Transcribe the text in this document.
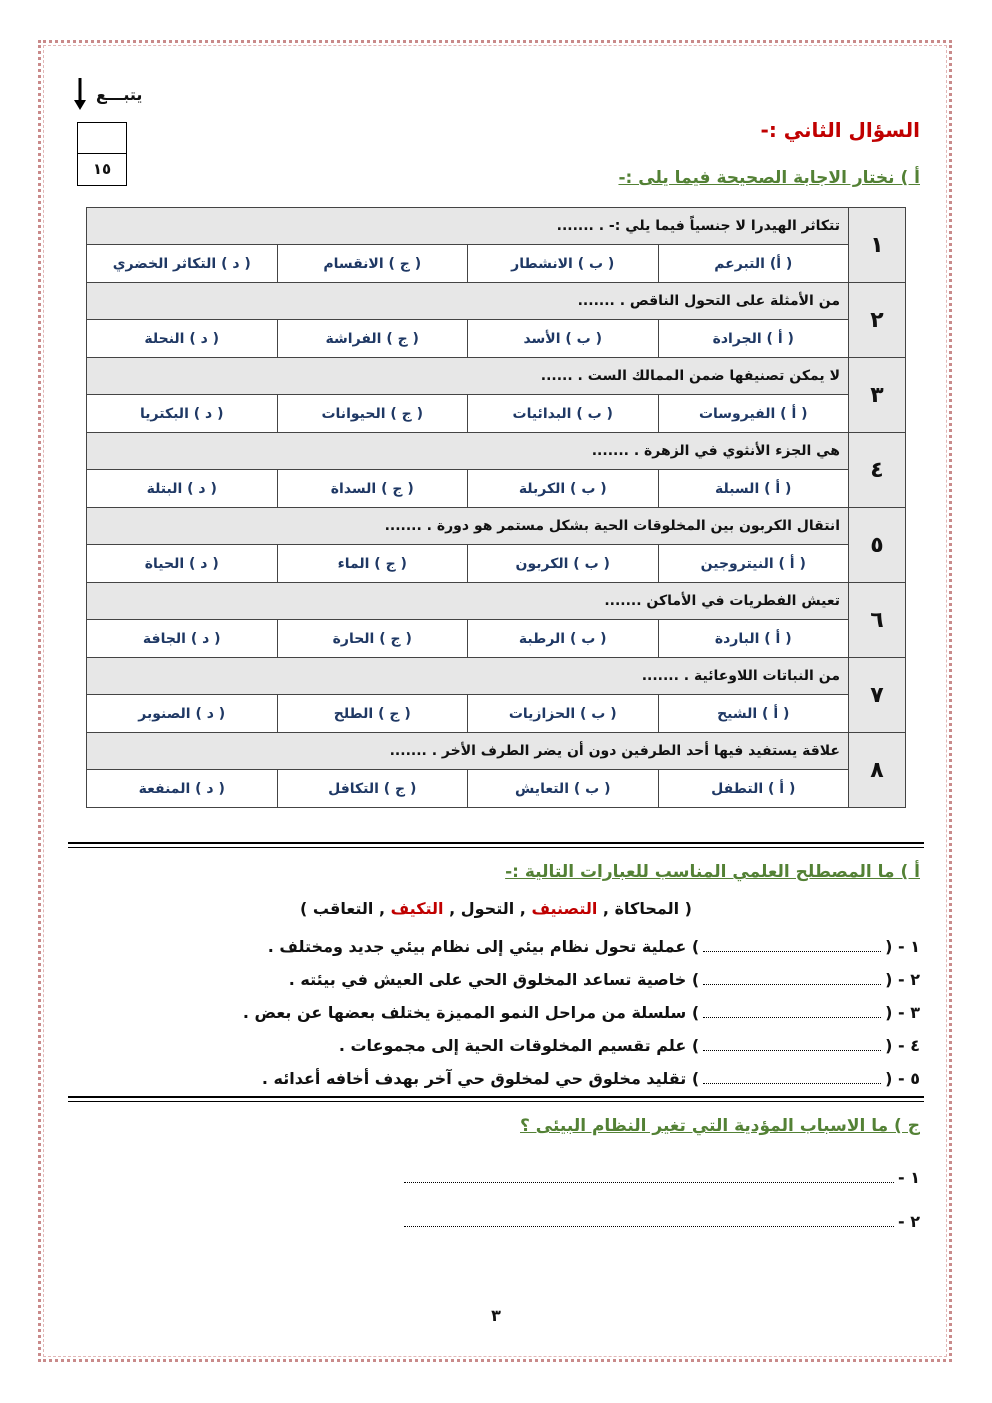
يتبـــع
١٥
السؤال الثاني :-
أ ) نختار الاجابة الصحيحة فيما يلى :-
١	تتكاثر الهيدرا لا جنسياً فيما يلي :- . .......			
	( أ) التبرعم	( ب ) الانشطار	( ج ) الانقسام	( د ) التكاثر الخضري
٢	من الأمثلة على التحول الناقص . .......			
	( أ ) الجرادة	( ب ) الأسد	( ج ) الفراشة	( د ) النحلة
٣	لا يمكن تصنيفها ضمن الممالك الست . ......			
	( أ ) الفيروسات	( ب ) البدائيات	( ج ) الحيوانات	( د ) البكتريا
٤	هي الجزء الأنثوي في الزهرة . .......			
	( أ ) السبلة	( ب ) الكربلة	( ج ) السداة	( د ) البتلة
٥	انتقال الكربون بين المخلوقات الحية بشكل مستمر هو دورة . .......			
	( أ ) النيتروجين	( ب ) الكربون	( ج ) الماء	( د ) الحياة
٦	تعيش الفطريات في الأماكن .......			
	( أ ) الباردة	( ب ) الرطبة	( ج ) الحارة	( د ) الجافة
٧	من النباتات اللاوعائية . .......			
	( أ ) الشيح	( ب ) الحزازيات	( ج ) الطلح	( د ) الصنوبر
٨	علاقة يستفيد فيها أحد الطرفين دون أن يضر الطرف الأخر . .......			
	( أ ) التطفل	( ب ) التعايش	( ج ) التكافل	( د ) المنفعة
أ ) ما المصطلح العلمي المناسب للعبارات التالية :-
( المحاكاة , التصنيف , التحول , التكيف , التعاقب )
١ - () عملية تحول نظام بيئي إلى نظام بيئي جديد ومختلف .
٢ - () خاصية تساعد المخلوق الحي على العيش في بيئته .
٣ - () سلسلة من مراحل النمو المميزة يختلف بعضها عن بعض .
٤ - () علم تقسيم المخلوقات الحية إلى مجموعات .
٥ - () تقليد مخلوق حي لمخلوق حي آخر بهدف أخافه أعدائه .
ج ) ما الاسباب المؤدية التي تغير النظام البيئى ؟
١ -
٢ -
٣
